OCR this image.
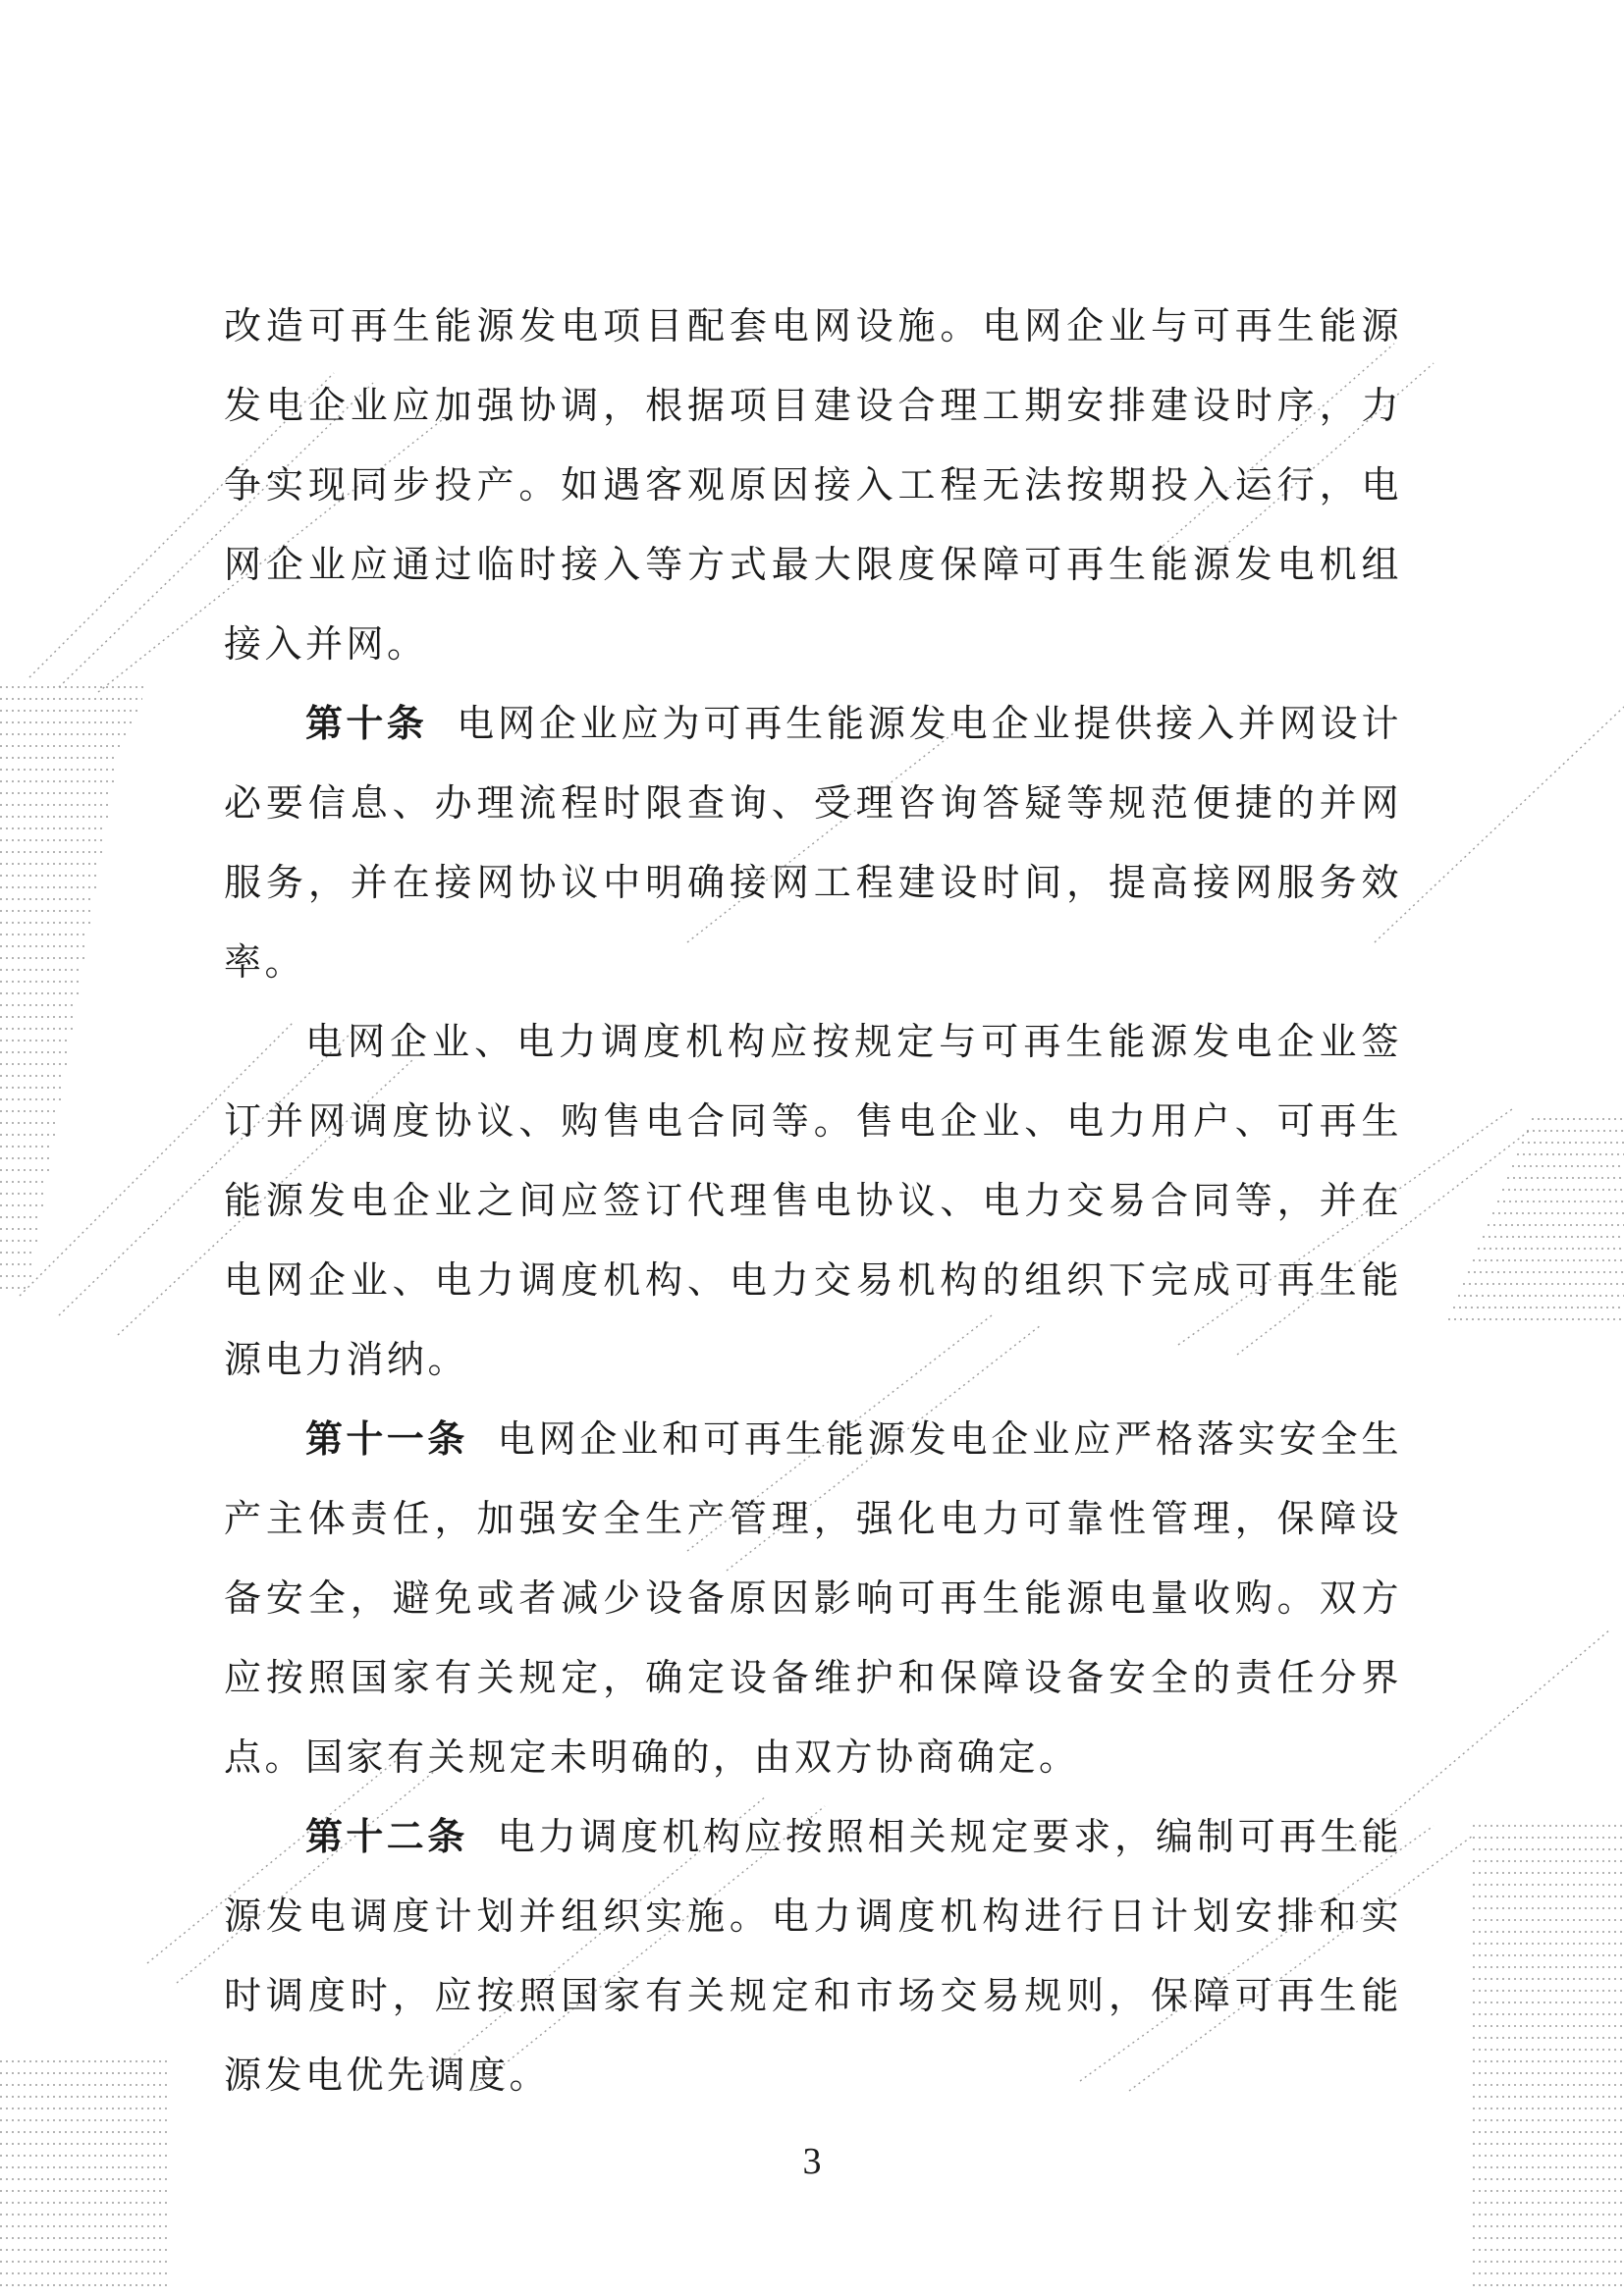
改造可再生能源发电项目配套电网设施。电网企业与可再生能源发电企业应加强协调，根据项目建设合理工期安排建设时序，力争实现同步投产。如遇客观原因接入工程无法按期投入运行，电网企业应通过临时接入等方式最大限度保障可再生能源发电机组接入并网。

第十条 电网企业应为可再生能源发电企业提供接入并网设计必要信息、办理流程时限查询、受理咨询答疑等规范便捷的并网服务，并在接网协议中明确接网工程建设时间，提高接网服务效率。

电网企业、电力调度机构应按规定与可再生能源发电企业签订并网调度协议、购售电合同等。售电企业、电力用户、可再生能源发电企业之间应签订代理售电协议、电力交易合同等，并在电网企业、电力调度机构、电力交易机构的组织下完成可再生能源电力消纳。

第十一条 电网企业和可再生能源发电企业应严格落实安全生产主体责任，加强安全生产管理，强化电力可靠性管理，保障设备安全，避免或者减少设备原因影响可再生能源电量收购。双方应按照国家有关规定，确定设备维护和保障设备安全的责任分界点。国家有关规定未明确的，由双方协商确定。

第十二条 电力调度机构应按照相关规定要求，编制可再生能源发电调度计划并组织实施。电力调度机构进行日计划安排和实时调度时，应按照国家有关规定和市场交易规则，保障可再生能源发电优先调度。

3
